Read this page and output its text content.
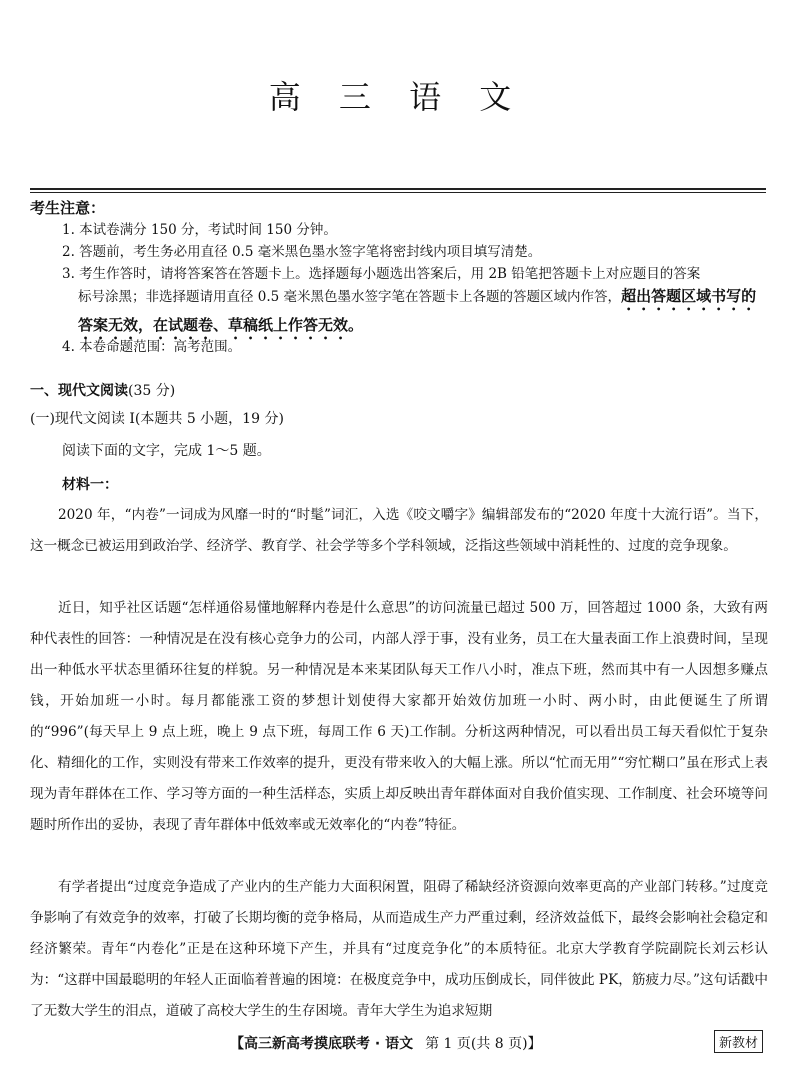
高 三 语 文
考生注意：
1. 本试卷满分 150 分，考试时间 150 分钟。
2. 答题前，考生务必用直径 0.5 毫米黑色墨水签字笔将密封线内项目填写清楚。
3. 考生作答时，请将答案答在答题卡上。选择题每小题选出答案后，用 2B 铅笔把答题卡上对应题目的答案
标号涂黑；非选择题请用直径 0.5 毫米黑色墨水签字笔在答题卡上各题的答题区域内作答，超出答题区域书写的答案无效，在试题卷、草稿纸上作答无效。
4. 本卷命题范围：高考范围。
一、现代文阅读(35 分)
(一)现代文阅读 I(本题共 5 小题，19 分)
阅读下面的文字，完成 1～5 题。
材料一：
2020 年，“内卷”一词成为风靡一时的“时髦”词汇，入选《咬文嚼字》编辑部发布的“2020 年度十大流行语”。当下，这一概念已被运用到政治学、经济学、教育学、社会学等多个学科领域，泛指这些领域中消耗性的、过度的竞争现象。
近日，知乎社区话题“怎样通俗易懂地解释内卷是什么意思”的访问流量已超过 500 万，回答超过 1000 条，大致有两种代表性的回答：一种情况是在没有核心竞争力的公司，内部人浮于事，没有业务，员工在大量表面工作上浪费时间，呈现出一种低水平状态里循环往复的样貌。另一种情况是本来某团队每天工作八小时，准点下班，然而其中有一人因想多赚点钱，开始加班一小时。每月都能涨工资的梦想计划使得大家都开始效仿加班一小时、两小时，由此便诞生了所谓的“996”(每天早上 9 点上班，晚上 9 点下班，每周工作 6 天)工作制。分析这两种情况，可以看出员工每天看似忙于复杂化、精细化的工作，实则没有带来工作效率的提升，更没有带来收入的大幅上涨。所以“忙而无用”“穷忙糊口”虽在形式上表现为青年群体在工作、学习等方面的一种生活样态，实质上却反映出青年群体面对自我价值实现、工作制度、社会环境等问题时所作出的妥协，表现了青年群体中低效率或无效率化的“内卷”特征。
有学者提出“过度竞争造成了产业内的生产能力大面积闲置，阻碍了稀缺经济资源向效率更高的产业部门转移。”过度竞争影响了有效竞争的效率，打破了长期均衡的竞争格局，从而造成生产力严重过剩，经济效益低下，最终会影响社会稳定和经济繁荣。青年“内卷化”正是在这种环境下产生，并具有“过度竞争化”的本质特征。北京大学教育学院副院长刘云杉认为：“这群中国最聪明的年轻人正面临着普遍的困境：在极度竞争中，成功压倒成长，同伴彼此 PK，筋疲力尽。”这句话戳中了无数大学生的泪点，道破了高校大学生的生存困境。青年大学生为追求短期
【高三新高考摸底联考 · 语文 第 1 页(共 8 页)】	新教材
